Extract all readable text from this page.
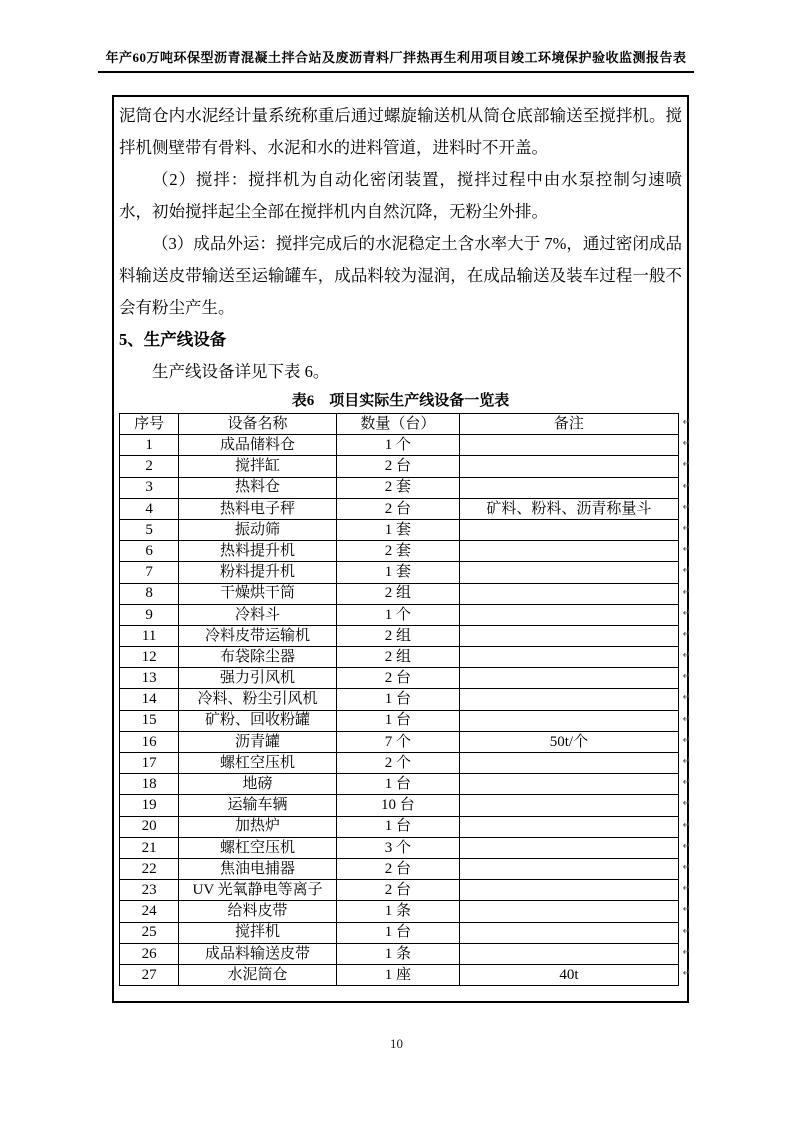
年产60万吨环保型沥青混凝土拌合站及废沥青料厂拌热再生利用项目竣工环境保护验收监测报告表

泥筒仓内水泥经计量系统称重后通过螺旋输送机从筒仓底部输送至搅拌机。搅拌机侧壁带有骨料、水泥和水的进料管道，进料时不开盖。

（2）搅拌：搅拌机为自动化密闭装置，搅拌过程中由水泵控制匀速喷水，初始搅拌起尘全部在搅拌机内自然沉降，无粉尘外排。

（3）成品外运：搅拌完成后的水泥稳定土含水率大于 7%，通过密闭成品料输送皮带输送至运输罐车，成品料较为湿润，在成品输送及装车过程一般不会有粉尘产生。

5、生产线设备

生产线设备详见下表 6。

表6　项目实际生产线设备一览表
序号	设备名称	数量（台）	备注 ↵

1	成品储料仓	1 个	↵

2	搅拌缸	2 台	↵

3	热料仓	2 套	↵

4	热料电子秤	2 台	矿料、粉料、沥青称量斗 ↵

5	振动筛	1 套	↵

6	热料提升机	2 套	↵

7	粉料提升机	1 套	↵

8	干燥烘干筒	2 组	↵

9	冷料斗	1 个	↵

11	冷料皮带运输机	2 组	↵

12	布袋除尘器	2 组	↵

13	强力引风机	2 台	↵

14	冷料、粉尘引风机	1 台	↵

15	矿粉、回收粉罐	1 台	↵

16	沥青罐	7 个	50t/个 ↵

17	螺杠空压机	2 个	↵

18	地磅	1 台	↵

19	运输车辆	10 台	↵

20	加热炉	1 台	↵

21	螺杠空压机	3 个	↵

22	焦油电捕器	2 台	↵

23	UV 光氧静电等离子	2 台	↵

24	给料皮带	1 条	↵

25	搅拌机	1 台	↵

26	成品料输送皮带	1 条	↵

27	水泥筒仓	1 座	40t ↵
10
